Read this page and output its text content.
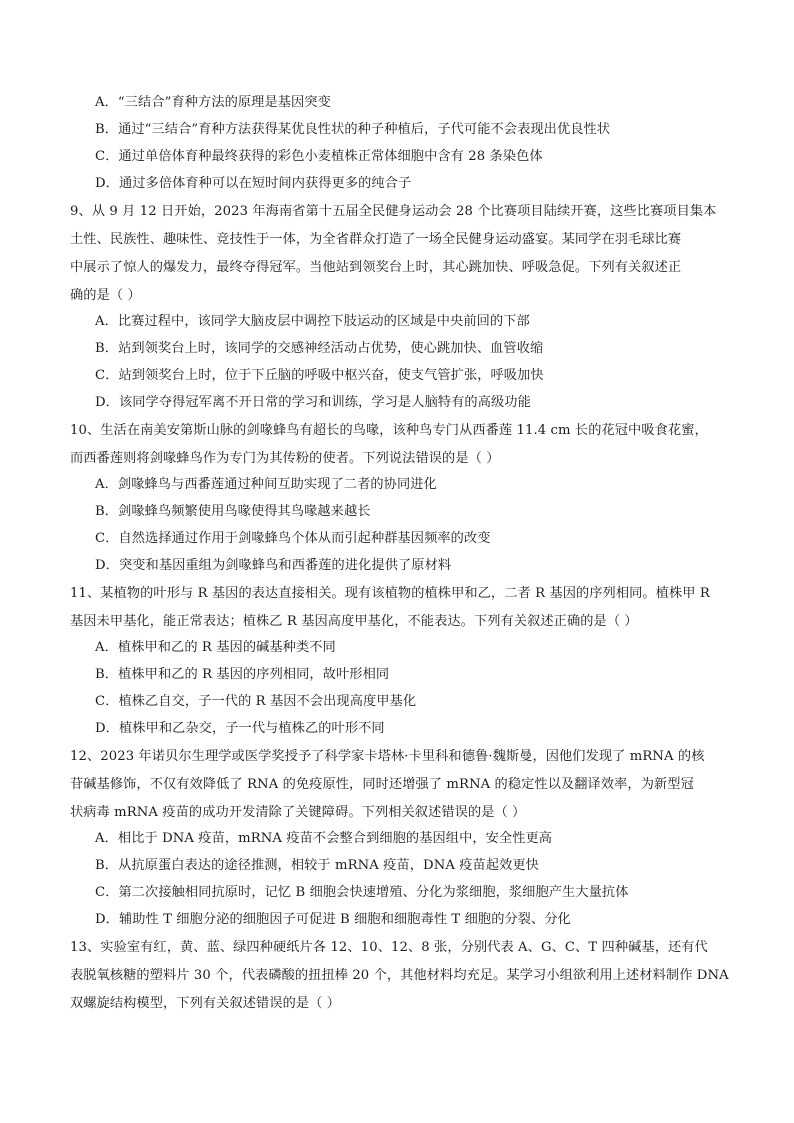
A．“三结合”育种方法的原理是基因突变
B．通过“三结合”育种方法获得某优良性状的种子种植后，子代可能不会表现出优良性状
C．通过单倍体育种最终获得的彩色小麦植株正常体细胞中含有 28 条染色体
D．通过多倍体育种可以在短时间内获得更多的纯合子
9、从 9 月 12 日开始，2023 年海南省第十五届全民健身运动会 28 个比赛项目陆续开赛，这些比赛项目集本
土性、民族性、趣味性、竞技性于一体，为全省群众打造了一场全民健身运动盛宴。某同学在羽毛球比赛
中展示了惊人的爆发力，最终夺得冠军。当他站到领奖台上时，其心跳加快、呼吸急促。下列有关叙述正
确的是（ ）
A．比赛过程中，该同学大脑皮层中调控下肢运动的区域是中央前回的下部
B．站到领奖台上时，该同学的交感神经活动占优势，使心跳加快、血管收缩
C．站到领奖台上时，位于下丘脑的呼吸中枢兴奋，使支气管扩张，呼吸加快
D．该同学夺得冠军离不开日常的学习和训练，学习是人脑特有的高级功能
10、生活在南美安第斯山脉的剑喙蜂鸟有超长的鸟喙，该种鸟专门从西番莲 11.4 cm 长的花冠中吸食花蜜，
而西番莲则将剑喙蜂鸟作为专门为其传粉的使者。下列说法错误的是（ ）
A．剑喙蜂鸟与西番莲通过种间互助实现了二者的协同进化
B．剑喙蜂鸟频繁使用鸟喙使得其鸟喙越来越长
C．自然选择通过作用于剑喙蜂鸟个体从而引起种群基因频率的改变
D．突变和基因重组为剑喙蜂鸟和西番莲的进化提供了原材料
11、某植物的叶形与 R 基因的表达直接相关。现有该植物的植株甲和乙，二者 R 基因的序列相同。植株甲 R
基因未甲基化，能正常表达；植株乙 R 基因高度甲基化，不能表达。下列有关叙述正确的是（ ）
A．植株甲和乙的 R 基因的碱基种类不同
B．植株甲和乙的 R 基因的序列相同，故叶形相同
C．植株乙自交，子一代的 R 基因不会出现高度甲基化
D．植株甲和乙杂交，子一代与植株乙的叶形不同
12、2023 年诺贝尔生理学或医学奖授予了科学家卡塔林·卡里科和德鲁·魏斯曼，因他们发现了 mRNA 的核
苷碱基修饰，不仅有效降低了 RNA 的免疫原性，同时还增强了 mRNA 的稳定性以及翻译效率，为新型冠
状病毒 mRNA 疫苗的成功开发清除了关键障碍。下列相关叙述错误的是（ ）
A．相比于 DNA 疫苗，mRNA 疫苗不会整合到细胞的基因组中，安全性更高
B．从抗原蛋白表达的途径推测，相较于 mRNA 疫苗，DNA 疫苗起效更快
C．第二次接触相同抗原时，记忆 B 细胞会快速增殖、分化为浆细胞，浆细胞产生大量抗体
D．辅助性 T 细胞分泌的细胞因子可促进 B 细胞和细胞毒性 T 细胞的分裂、分化
13、实验室有红，黄、蓝、绿四种硬纸片各 12、10、12、8 张，分别代表 A、G、C、T 四种碱基，还有代
表脱氧核糖的塑料片 30 个，代表磷酸的扭扭棒 20 个，其他材料均充足。某学习小组欲利用上述材料制作 DNA
双螺旋结构模型，下列有关叙述错误的是（ ）
